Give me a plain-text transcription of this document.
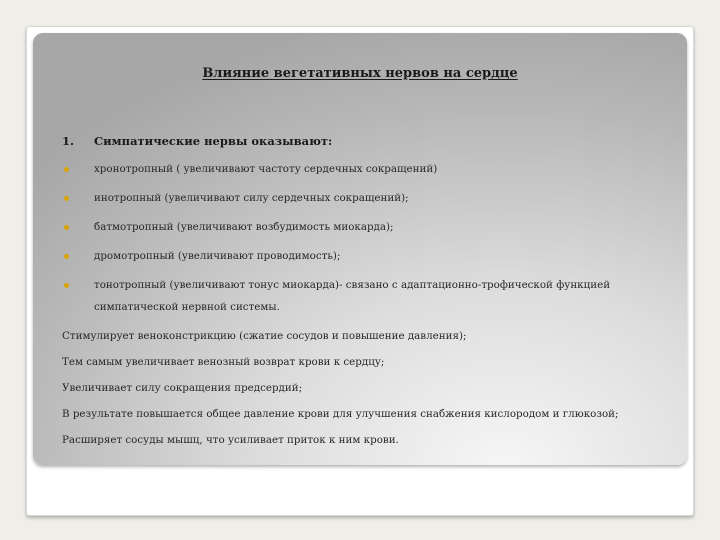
Влияние вегетативных нервов на сердце
1. Симпатические нервы оказывают:
хронотропный ( увеличивают частоту сердечных сокращений)
инотропный (увеличивают силу сердечных сокращений);
батмотропный (увеличивают возбудимость миокарда);
дромотропный (увеличивают проводимость);
тонотропный (увеличивают тонус миокарда)- связано с адаптационно-трофической функцией симпатической нервной системы.
Стимулирует веноконстрикцию (сжатие сосудов и повышение давления);
Тем самым увеличивает венозный возврат крови к сердцу;
Увеличивает силу сокращения предсердий;
В результате повышается общее давление крови для улучшения снабжения кислородом и глюкозой;
Расширяет сосуды мышц, что усиливает приток к ним крови.
